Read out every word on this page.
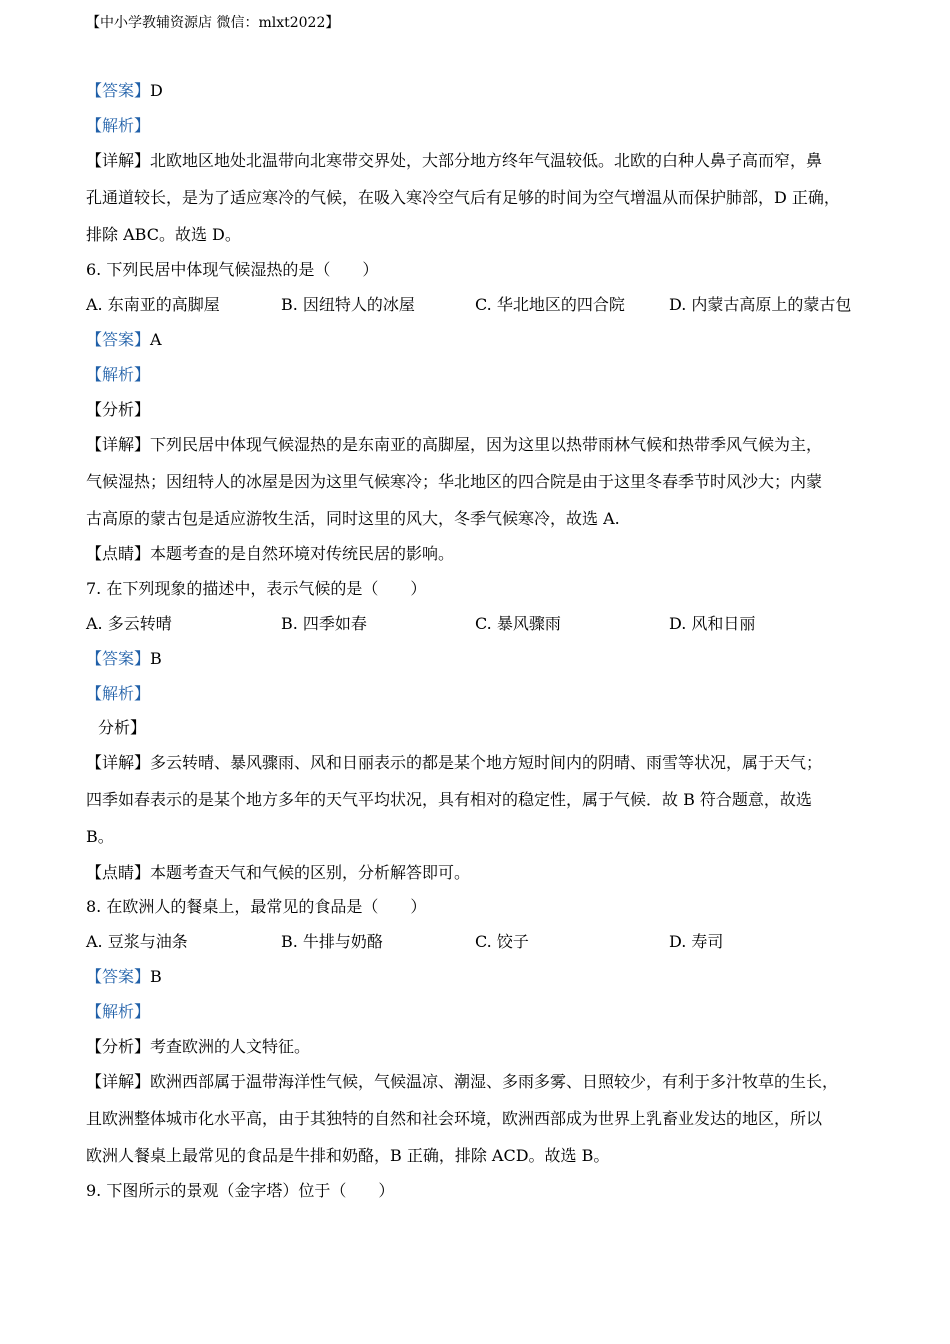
【中小学教辅资源店 微信：mlxt2022】
【答案】D
【解析】
【详解】北欧地区地处北温带向北寒带交界处，大部分地方终年气温较低。北欧的白种人鼻子高而窄，鼻
孔通道较长，是为了适应寒冷的气候，在吸入寒冷空气后有足够的时间为空气增温从而保护肺部，D 正确，
排除 ABC。故选 D。
6. 下列民居中体现气候湿热的是（　　）
A. 东南亚的高脚屋	B. 因纽特人的冰屋	C. 华北地区的四合院	D. 内蒙古高原上的蒙古包
【答案】A
【解析】
【分析】
【详解】下列民居中体现气候湿热的是东南亚的高脚屋，因为这里以热带雨林气候和热带季风气候为主，
气候湿热；因纽特人的冰屋是因为这里气候寒冷；华北地区的四合院是由于这里冬春季节时风沙大；内蒙
古高原的蒙古包是适应游牧生活，同时这里的风大，冬季气候寒冷，故选 A.
【点睛】本题考查的是自然环境对传统民居的影响。
7. 在下列现象的描述中，表示气候的是（　　）
A. 多云转晴	B. 四季如春	C. 暴风骤雨	D. 风和日丽
【答案】B
【解析】
分析】
【详解】多云转晴、暴风骤雨、风和日丽表示的都是某个地方短时间内的阴晴、雨雪等状况，属于天气；
四季如春表示的是某个地方多年的天气平均状况，具有相对的稳定性，属于气候．故 B 符合题意，故选
B。
【点睛】本题考查天气和气候的区别，分析解答即可。
8. 在欧洲人的餐桌上，最常见的食品是（　　）
A. 豆浆与油条	B. 牛排与奶酪	C. 饺子	D. 寿司
【答案】B
【解析】
【分析】考查欧洲的人文特征。
【详解】欧洲西部属于温带海洋性气候，气候温凉、潮湿、多雨多雾、日照较少，有利于多汁牧草的生长，
且欧洲整体城市化水平高，由于其独特的自然和社会环境，欧洲西部成为世界上乳畜业发达的地区，所以
欧洲人餐桌上最常见的食品是牛排和奶酪，B 正确，排除 ACD。故选 B。
9. 下图所示的景观（金字塔）位于（　　）
